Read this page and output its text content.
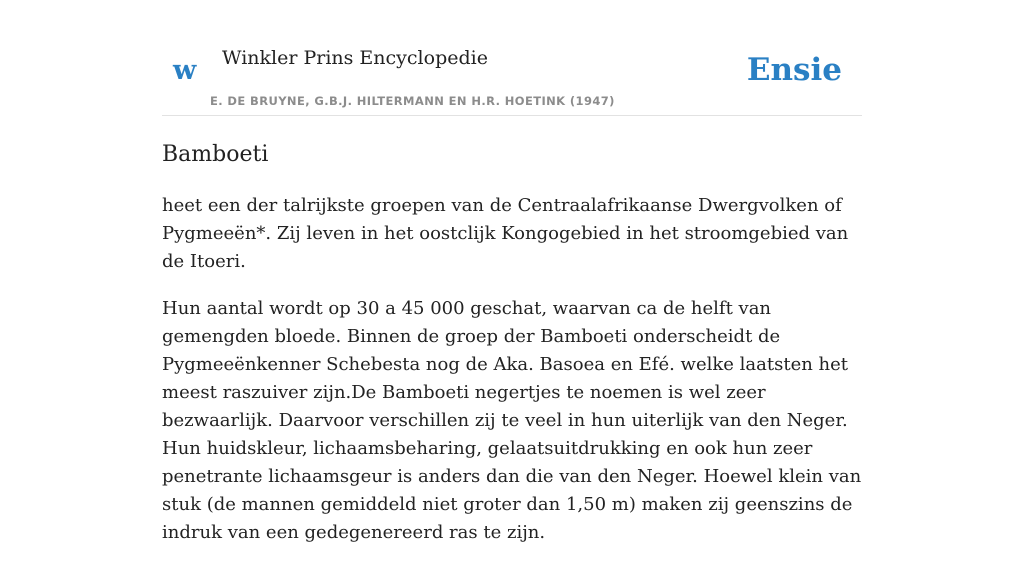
w Winkler Prins Encyclopedie
E. DE BRUYNE, G.B.J. HILTERMANN EN H.R. HOETINK (1947)
Ensie
Bamboeti

heet een der talrijkste groepen van de Centraalafrikaanse Dwergvolken of Pygmeeën*. Zij leven in het oostclijk Kongogebied in het stroomgebied van de Itoeri.

Hun aantal wordt op 30 a 45 000 geschat, waarvan ca de helft van gemengden bloede. Binnen de groep der Bamboeti onderscheidt de Pygmeeënkenner Schebesta nog de Aka. Basoea en Efé. welke laatsten het meest raszuiver zijn.De Bamboeti negertjes te noemen is wel zeer bezwaarlijk. Daarvoor verschillen zij te veel in hun uiterlijk van den Neger. Hun huidskleur, lichaamsbeharing, gelaatsuitdrukking en ook hun zeer penetrante lichaamsgeur is anders dan die van den Neger. Hoewel klein van stuk (de mannen gemiddeld niet groter dan 1,50 m) maken zij geenszins de indruk van een gedegenereerd ras te zijn.
